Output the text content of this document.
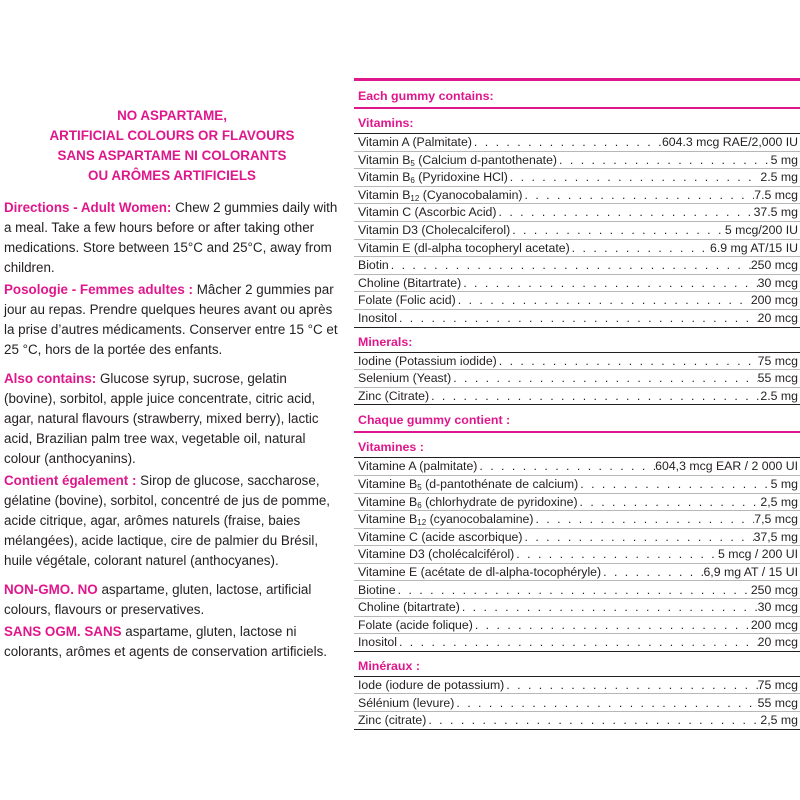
NO ASPARTAME,
ARTIFICIAL COLOURS OR FLAVOURS
SANS ASPARTAME NI COLORANTS
OU ARÔMES ARTIFICIELS

Directions - Adult Women: Chew 2 gummies daily with a meal. Take a few hours before or after taking other medications. Store between 15°C and 25°C, away from children.

Posologie - Femmes adultes : Mâcher 2 gummies par jour au repas. Prendre quelques heures avant ou après la prise d’autres médicaments. Conserver entre 15 °C et 25 °C, hors de la portée des enfants.

Also contains: Glucose syrup, sucrose, gelatin (bovine), sorbitol, apple juice concentrate, citric acid, agar, natural flavours (strawberry, mixed berry), lactic acid, Brazilian palm tree wax, vegetable oil, natural colour (anthocyanins).

Contient également : Sirop de glucose, saccharose, gélatine (bovine), sorbitol, concentré de jus de pomme, acide citrique, agar, arômes naturels (fraise, baies mélangées), acide lactique, cire de palmier du Brésil, huile végétale, colorant naturel (anthocyanes).

NON-GMO. NO aspartame, gluten, lactose, artificial colours, flavours or preservatives.

SANS OGM. SANS aspartame, gluten, lactose ni colorants, arômes et agents de conservation artificiels.

Each gummy contains:
Vitamins:
Vitamin A (Palmitate) . . .	604.3 mcg RAE/2,000 IU
Vitamin $B_5$ (Calcium d-pantothenate) . . .	5 mg
Vitamin $B_6$ (Pyridoxine HCl) . . .	2.5 mg
Vitamin $B_{12}$ (Cyanocobalamin) . . .	7.5 mcg
Vitamin C (Ascorbic Acid) . . .	37.5 mg
Vitamin D3 (Cholecalciferol) . . .	5 mcg/200 IU
Vitamin E (dl-alpha tocopheryl acetate) . . .	6.9 mg AT/15 IU
Biotin . . .	250 mcg
Choline (Bitartrate) . . .	30 mcg
Folate (Folic acid) . . .	200 mcg
Inositol . . .	20 mcg
Minerals:
Iodine (Potassium iodide) . . .	75 mcg
Selenium (Yeast) . . .	55 mcg
Zinc (Citrate) . . .	2.5 mg
Chaque gummy contient :
Vitamines :
Vitamine A (palmitate) . . .	604,3 mcg EAR / 2 000 UI
Vitamine $B_5$ (d-pantothénate de calcium) . . .	5 mg
Vitamine $B_6$ (chlorhydrate de pyridoxine) . . .	2,5 mg
Vitamine $B_{12}$ (cyanocobalamine) . . .	7,5 mcg
Vitamine C (acide ascorbique) . . .	37,5 mg
Vitamine D3 (cholécalciférol) . . .	5 mcg / 200 UI
Vitamine E (acétate de dl-alpha-tocophéryle) . . .	6,9 mg AT / 15 UI
Biotine . . .	250 mcg
Choline (bitartrate) . . .	30 mcg
Folate (acide folique) . . .	200 mcg
Inositol . . .	20 mcg
Minéraux :
Iode (iodure de potassium) . . .	75 mcg
Sélénium (levure) . . .	55 mcg
Zinc (citrate) . . .	2,5 mg
